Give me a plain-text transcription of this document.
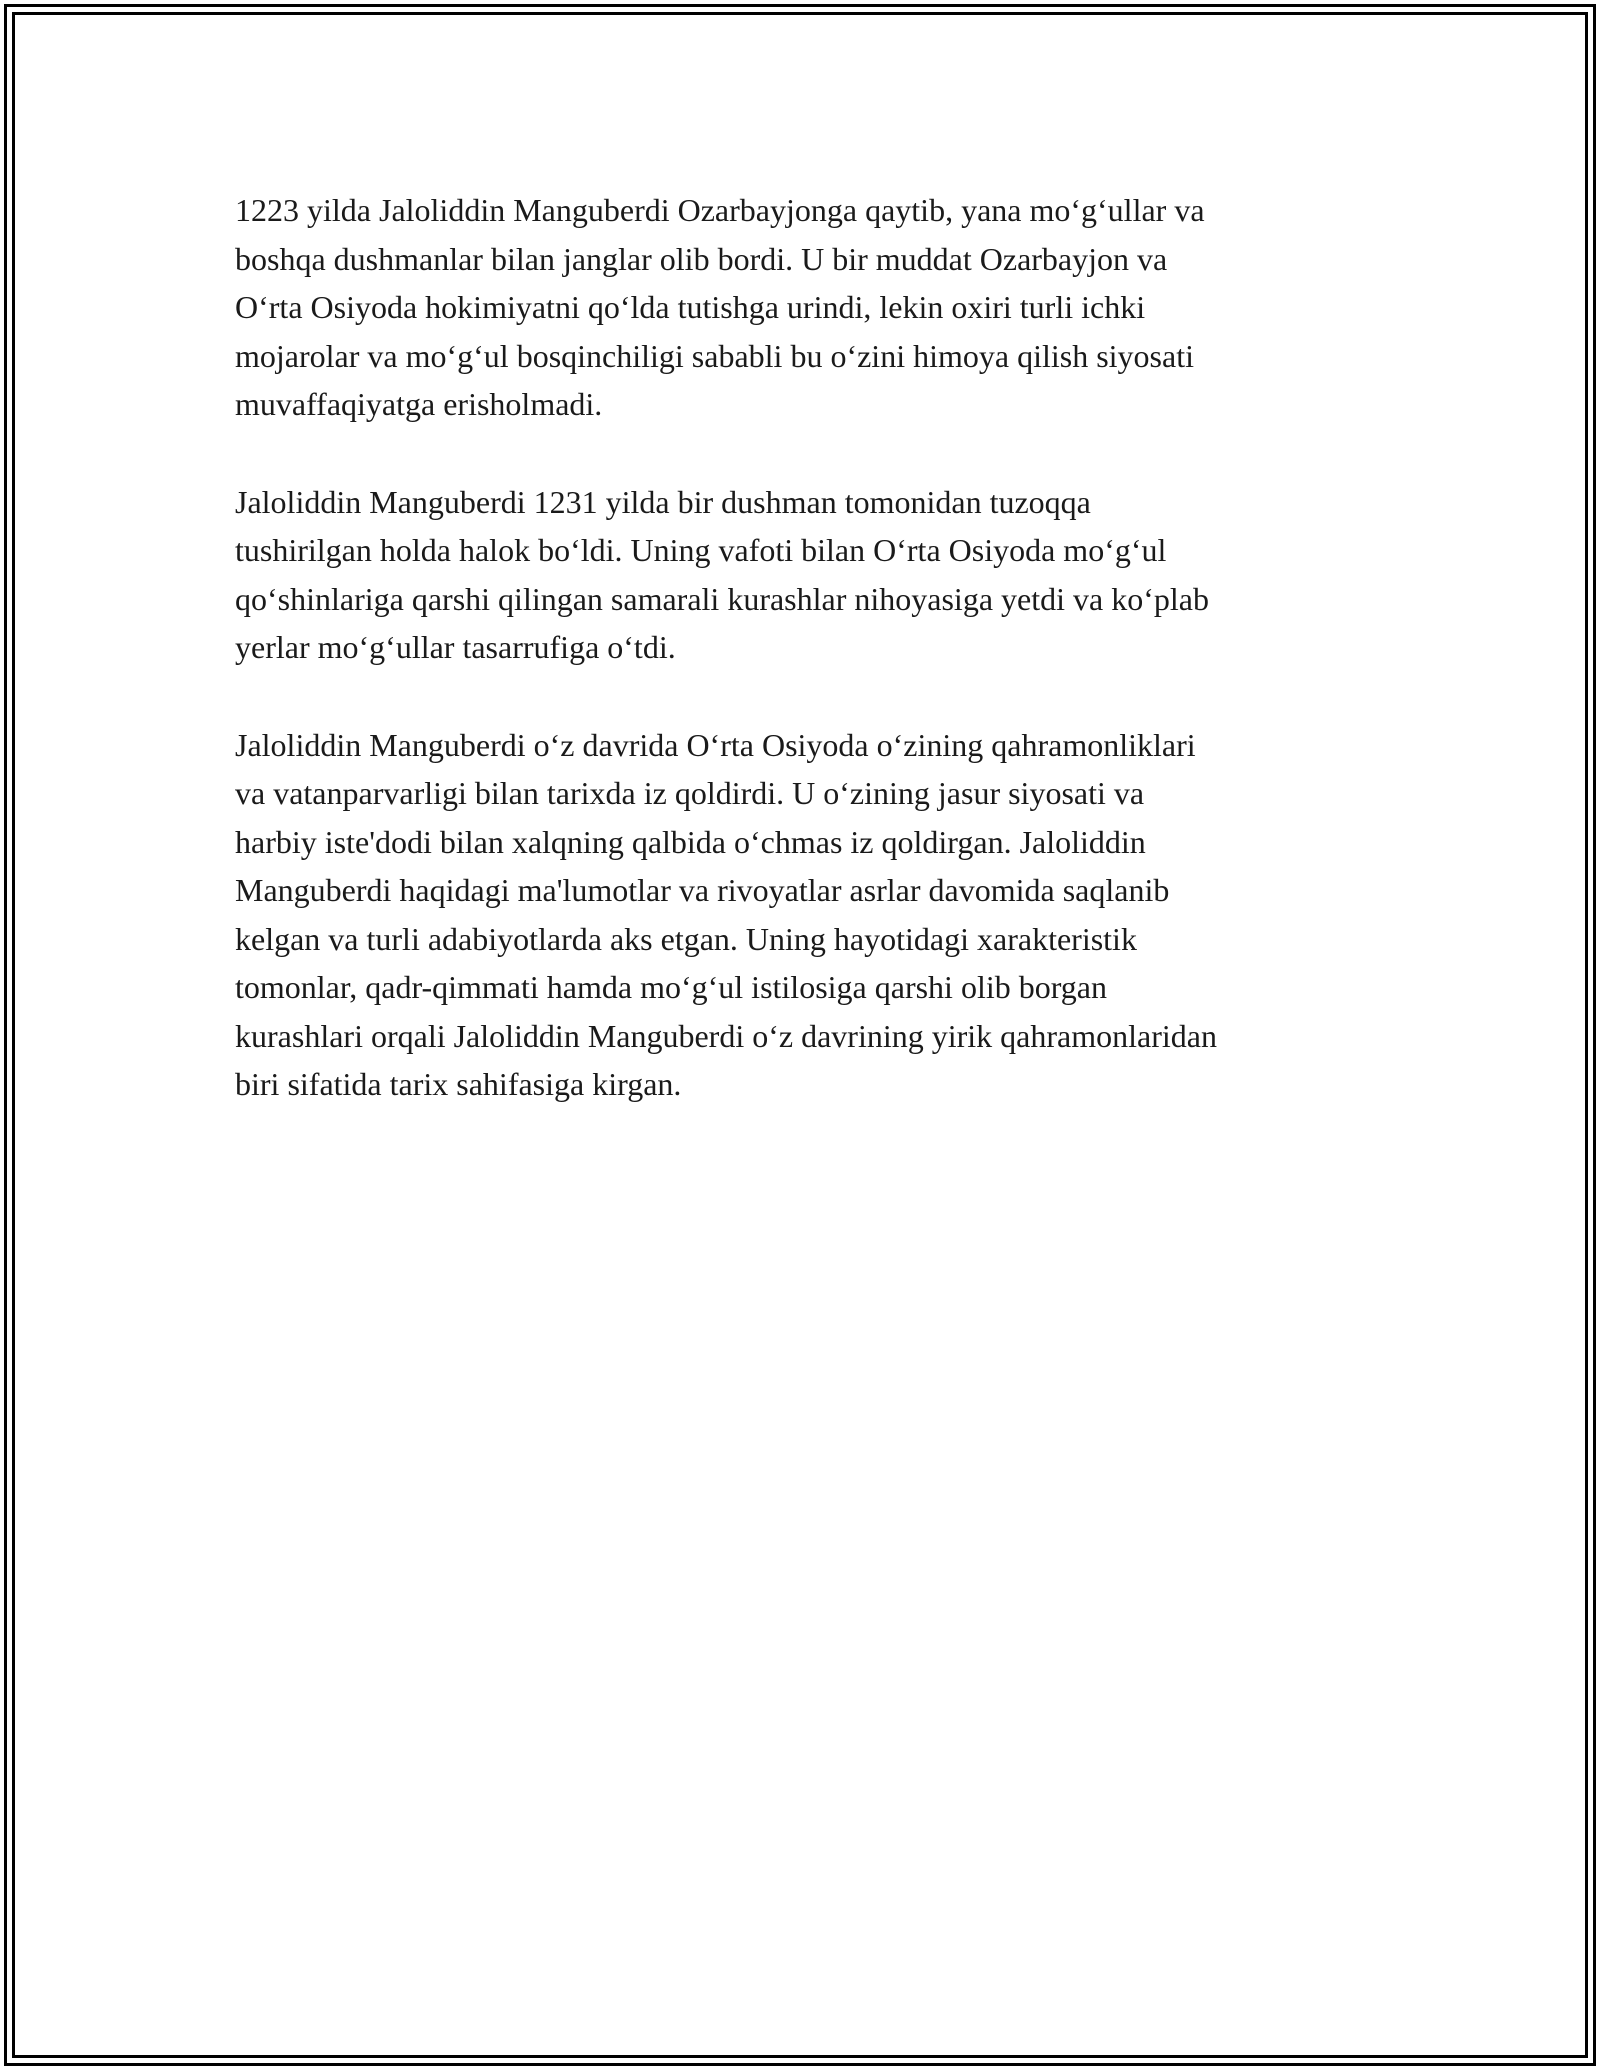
1223 yilda Jaloliddin Manguberdi Ozarbayjonga qaytib, yana mo‘g‘ullar va
boshqa dushmanlar bilan janglar olib bordi. U bir muddat Ozarbayjon va
O‘rta Osiyoda hokimiyatni qo‘lda tutishga urindi, lekin oxiri turli ichki
mojarolar va mo‘g‘ul bosqinchiligi sababli bu o‘zini himoya qilish siyosati
muvaffaqiyatga erisholmadi.

Jaloliddin Manguberdi 1231 yilda bir dushman tomonidan tuzoqqa
tushirilgan holda halok bo‘ldi. Uning vafoti bilan O‘rta Osiyoda mo‘g‘ul
qo‘shinlariga qarshi qilingan samarali kurashlar nihoyasiga yetdi va ko‘plab
yerlar mo‘g‘ullar tasarrufiga o‘tdi.

Jaloliddin Manguberdi o‘z davrida O‘rta Osiyoda o‘zining qahramonliklari
va vatanparvarligi bilan tarixda iz qoldirdi. U o‘zining jasur siyosati va
harbiy iste'dodi bilan xalqning qalbida o‘chmas iz qoldirgan. Jaloliddin
Manguberdi haqidagi ma'lumotlar va rivoyatlar asrlar davomida saqlanib
kelgan va turli adabiyotlarda aks etgan. Uning hayotidagi xarakteristik
tomonlar, qadr-qimmati hamda mo‘g‘ul istilosiga qarshi olib borgan
kurashlari orqali Jaloliddin Manguberdi o‘z davrining yirik qahramonlaridan
biri sifatida tarix sahifasiga kirgan.
